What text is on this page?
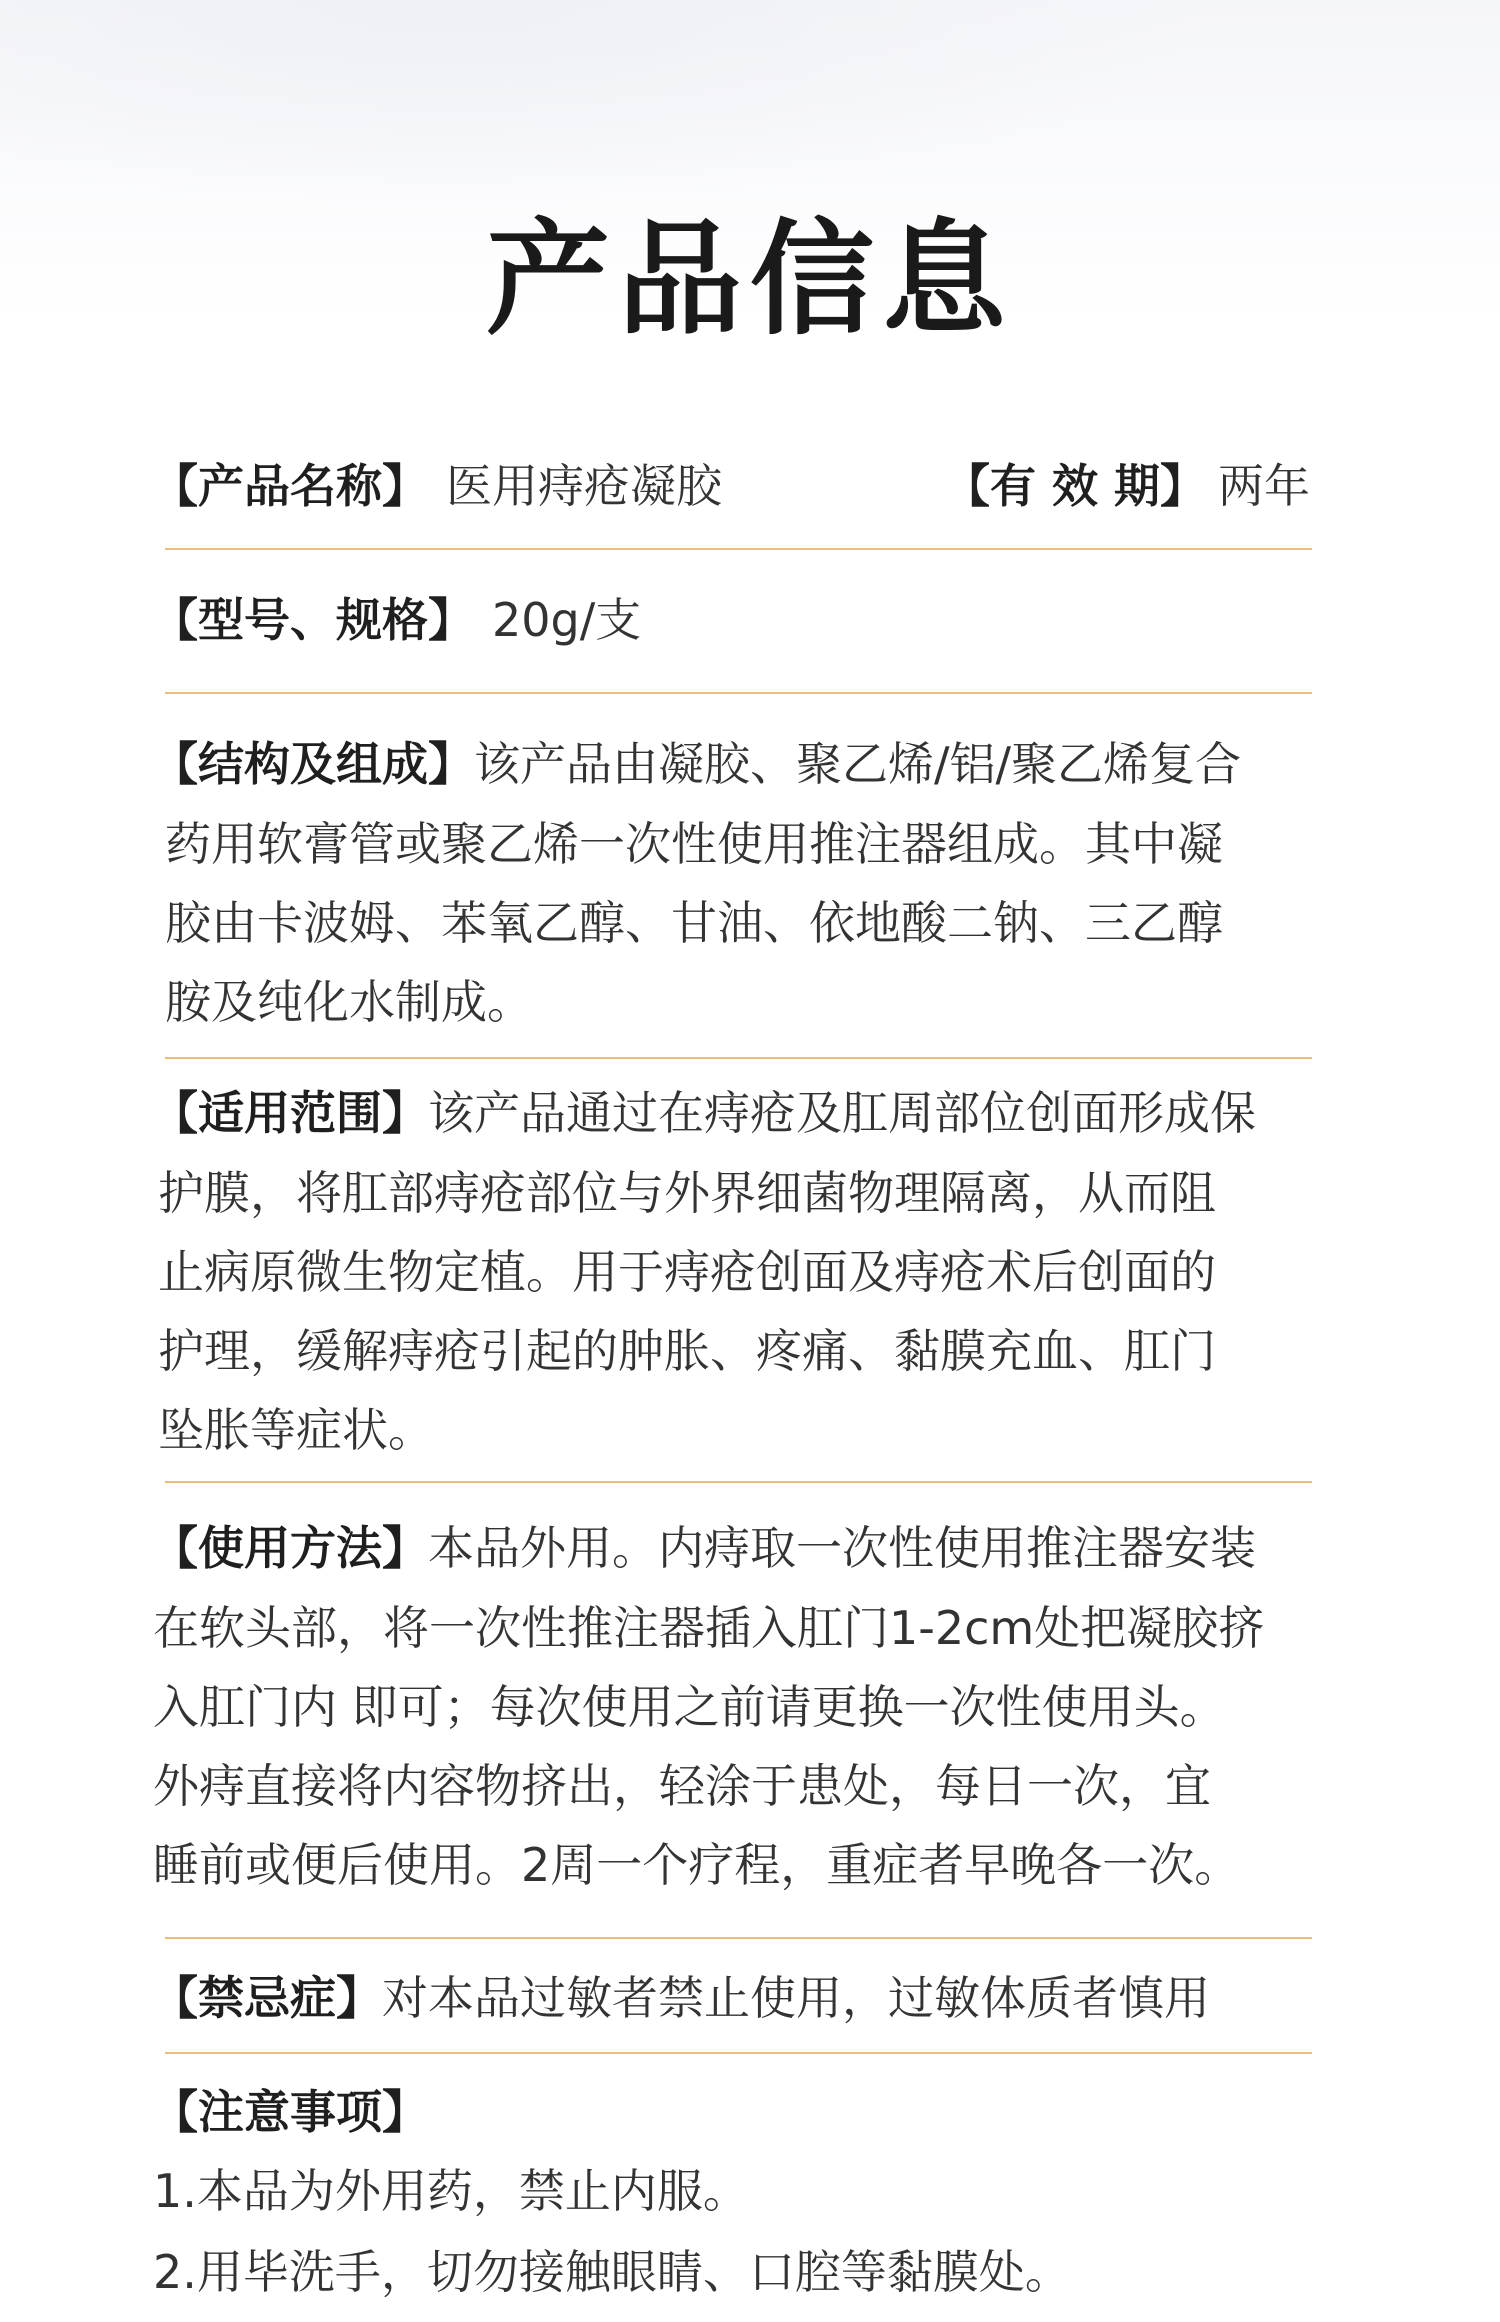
产品信息
【产品名称】 医用痔疮凝胶	【有 效 期】 两年
【型号、规格】 20g/支
【结构及组成】该产品由凝胶、聚乙烯/铝/聚乙烯复合
药用软膏管或聚乙烯一次性使用推注器组成。其中凝
胶由卡波姆、苯氧乙醇、甘油、依地酸二钠、三乙醇
胺及纯化水制成。
【适用范围】该产品通过在痔疮及肛周部位创面形成保
护膜，将肛部痔疮部位与外界细菌物理隔离，从而阻
止病原微生物定植。用于痔疮创面及痔疮术后创面的
护理，缓解痔疮引起的肿胀、疼痛、黏膜充血、肛门
坠胀等症状。
【使用方法】本品外用。内痔取一次性使用推注器安装
在软头部，将一次性推注器插入肛门1-2cm处把凝胶挤
入肛门内 即可；每次使用之前请更换一次性使用头。
外痔直接将内容物挤出，轻涂于患处，每日一次，宜
睡前或便后使用。2周一个疗程，重症者早晚各一次。
【禁忌症】对本品过敏者禁止使用，过敏体质者慎用
【注意事项】
1.本品为外用药，禁止内服。
2.用毕洗手，切勿接触眼睛、口腔等黏膜处。
